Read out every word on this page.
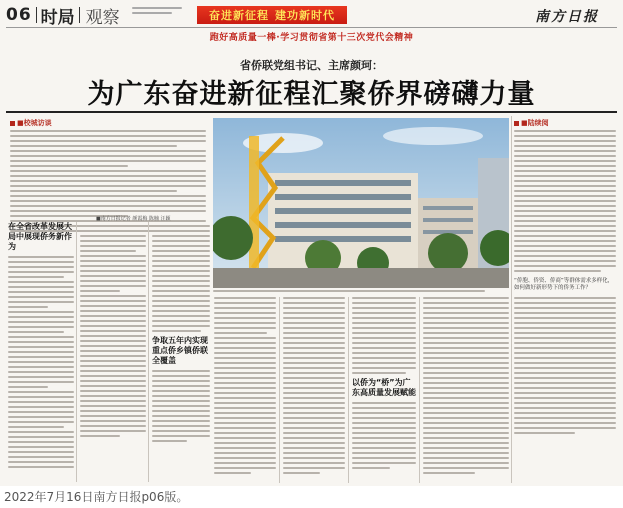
06 时局 观察	奋进新征程 建功新时代	南方日报
跑好高质量一棒·学习贯彻省第十三次党代会精神
省侨联党组书记、主席颜珂：
为广东奋进新征程汇聚侨界磅礴力量
■校城访谈
■南方日报记者 颜霞梅 陈楠 汪颖
在全省改革发展大局中展现侨务新作为
争取五年内实现重点侨乡镇侨联全覆盖
以侨为“桥”为广东高质量发展赋能
■陆续阅
“侨胞、侨资、侨商”等群体需求多样化，如何做好新形势下的侨务工作？
2022年7月16日南方日报p06版。
